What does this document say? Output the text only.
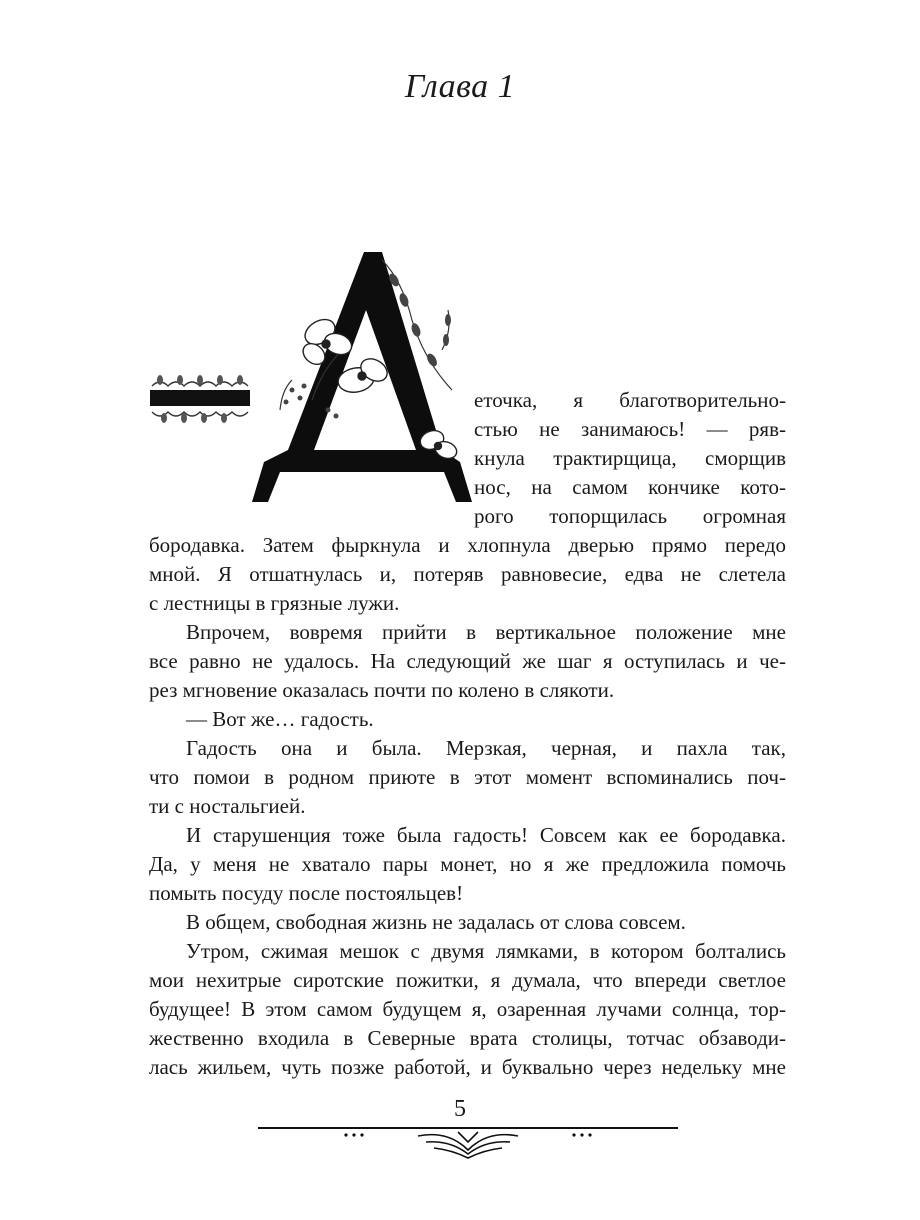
Глава 1
еточка, я благотворительно-
стью не занимаюсь! — ряв-
кнула трактирщица, сморщив
нос, на самом кончике кото-
рого топорщилась огромная
бородавка. Затем фыркнула и хлопнула дверью прямо передо
мной. Я отшатнулась и, потеряв равновесие, едва не слетела
с лестницы в грязные лужи.
Впрочем, вовремя прийти в вертикальное положение мне
все равно не удалось. На следующий же шаг я оступилась и че-
рез мгновение оказалась почти по колено в слякоти.
— Вот же… гадость.
Гадость она и была. Мерзкая, черная, и пахла так,
что помои в родном приюте в этот момент вспоминались поч-
ти с ностальгией.
И старушенция тоже была гадость! Совсем как ее бородавка.
Да, у меня не хватало пары монет, но я же предложила помочь
помыть посуду после постояльцев!
В общем, свободная жизнь не задалась от слова совсем.
Утром, сжимая мешок с двумя лямками, в котором болтались
мои нехитрые сиротские пожитки, я думала, что впереди светлое
будущее! В этом самом будущем я, озаренная лучами солнца, тор-
жественно входила в Северные врата столицы, тотчас обзаводи-
лась жильем, чуть позже работой, и буквально через недельку мне
5
